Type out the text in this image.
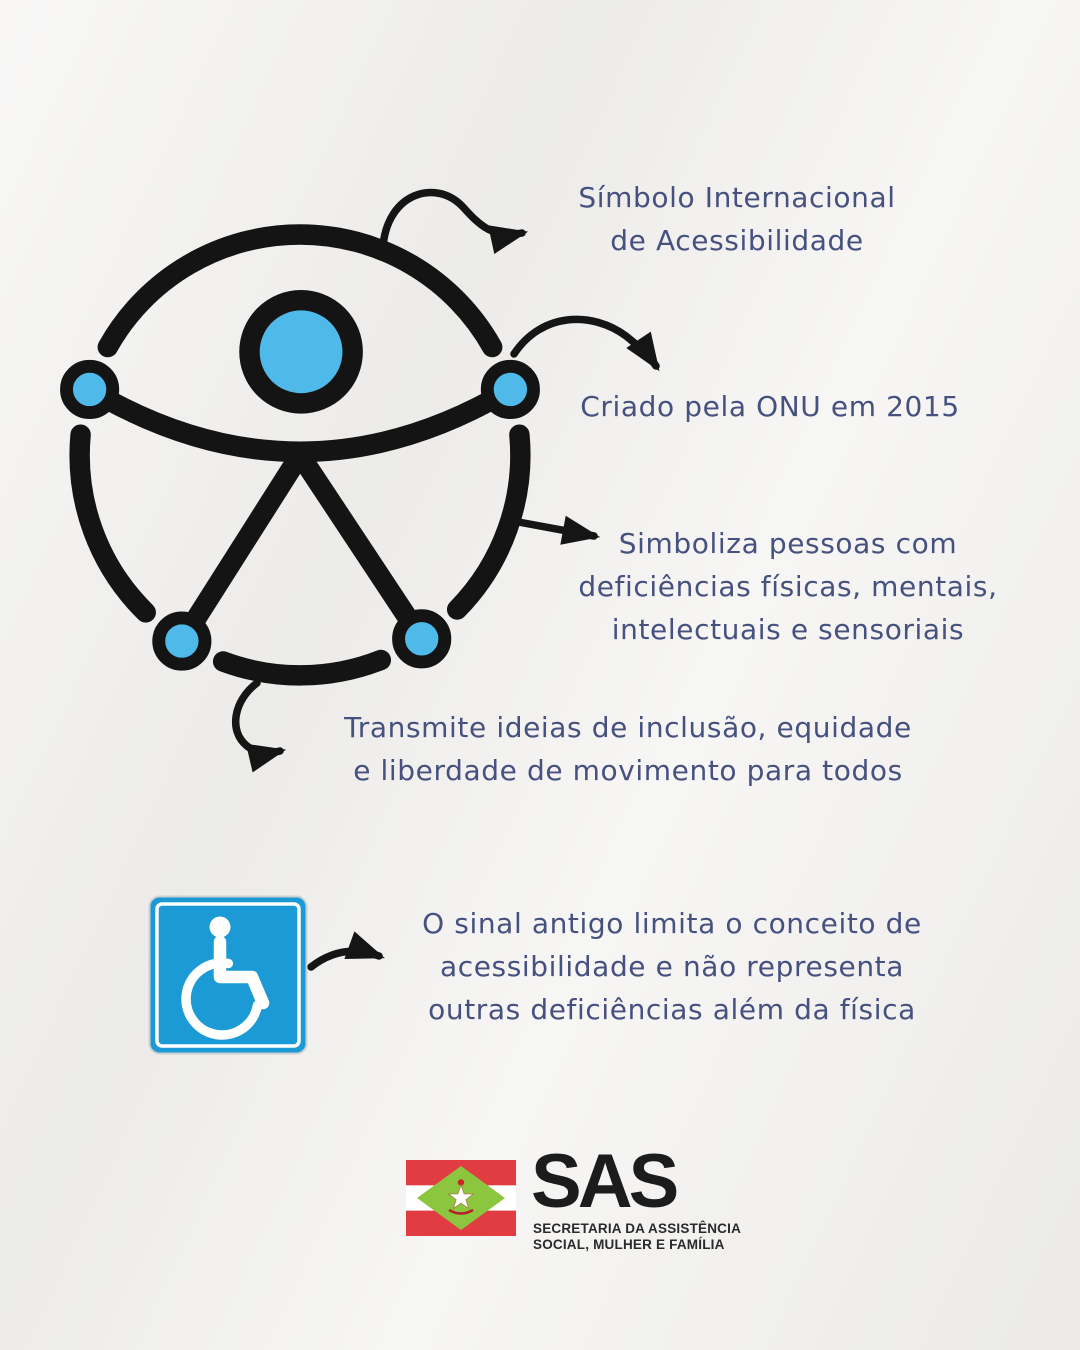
Símbolo Internacional
de Acessibilidade
Criado pela ONU em 2015
Simboliza pessoas com
deficiências físicas, mentais,
intelectuais e sensoriais
Transmite ideias de inclusão, equidade
e liberdade de movimento para todos
O sinal antigo limita o conceito de
acessibilidade e não representa
outras deficiências além da física
SAS
SECRETARIA DA ASSISTÊNCIA
SOCIAL, MULHER E FAMÍLIA
